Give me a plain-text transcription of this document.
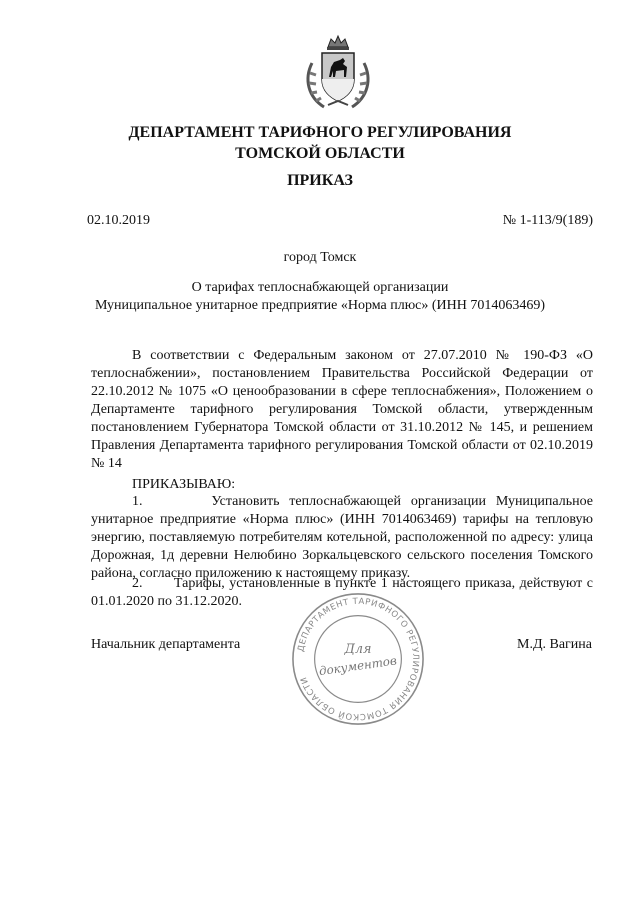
ДЕПАРТАМЕНТ ТАРИФНОГО РЕГУЛИРОВАНИЯ
ТОМСКОЙ ОБЛАСТИ
ПРИКАЗ
02.10.2019	№ 1-113/9(189)
город Томск
О тарифах теплоснабжающей организации
Муниципальное унитарное предприятие «Норма плюс» (ИНН 7014063469)
В соответствии с Федеральным законом от 27.07.2010 № 190-ФЗ «О теплоснабжении», постановлением Правительства Российской Федерации от 22.10.2012 № 1075 «О ценообразовании в сфере теплоснабжения», Положением о Департаменте тарифного регулирования Томской области, утвержденным постановлением Губернатора Томской области от 31.10.2012 № 145, и решением Правления Департамента тарифного регулирования Томской области от 02.10.2019 № 14
ПРИКАЗЫВАЮ:
1.       Установить теплоснабжающей организации Муниципальное унитарное предприятие «Норма плюс» (ИНН 7014063469) тарифы на тепловую энергию, поставляемую потребителям котельной, расположенной по адресу: улица Дорожная, 1д деревни Нелюбино Зоркальцевского сельского поселения Томского района, согласно приложению к настоящему приказу.
2.       Тарифы, установленные в пункте 1 настоящего приказа, действуют с 01.01.2020 по 31.12.2020.
Начальник департамента	М.Д. Вагина
ДЕПАРТАМЕНТ ТАРИФНОГО РЕГУЛИРОВАНИЯ ТОМСКОЙ ОБЛАСТИ
Для
документов
